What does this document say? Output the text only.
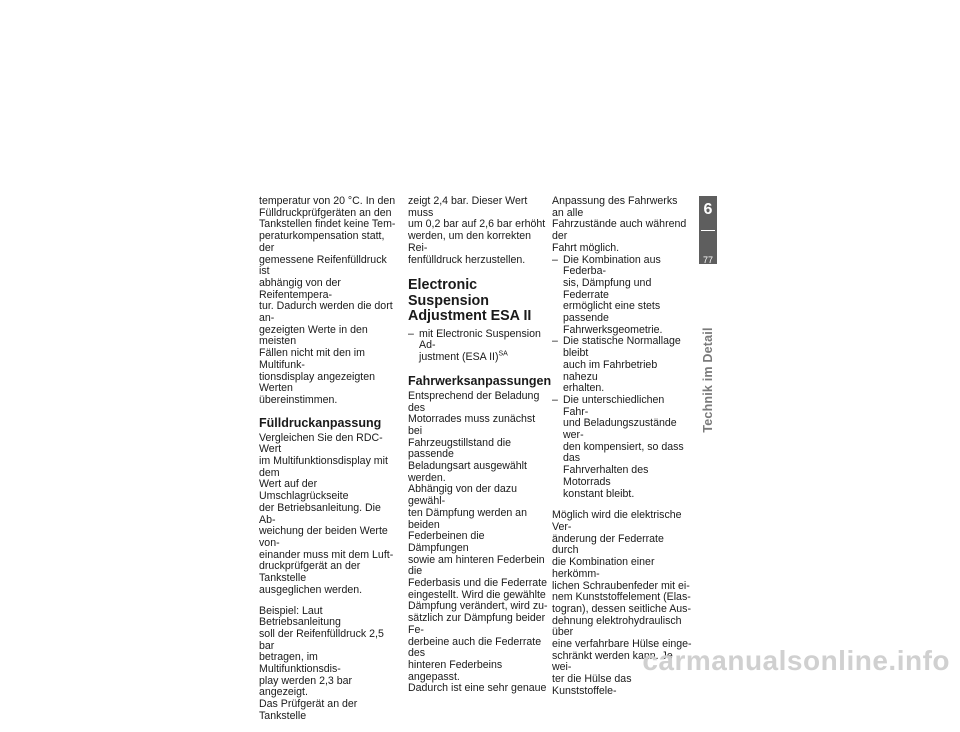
temperatur von 20 °C. In den
Fülldruckprüfgeräten an den
Tankstellen findet keine Tem-
peraturkompensation statt, der
gemessene Reifenfülldruck ist
abhängig von der Reifentempera-
tur. Dadurch werden die dort an-
gezeigten Werte in den meisten
Fällen nicht mit den im Multifunk-
tionsdisplay angezeigten Werten
übereinstimmen.

Fülldruckanpassung

Vergleichen Sie den RDC-Wert
im Multifunktionsdisplay mit dem
Wert auf der Umschlagrückseite
der Betriebsanleitung. Die Ab-
weichung der beiden Werte von-
einander muss mit dem Luft-
druckprüfgerät an der Tankstelle
ausgeglichen werden.

Beispiel: Laut Betriebsanleitung
soll der Reifenfülldruck 2,5 bar
betragen, im Multifunktionsdis-
play werden 2,3 bar angezeigt.
Das Prüfgerät an der Tankstelle

zeigt 2,4 bar. Dieser Wert muss
um 0,2 bar auf 2,6 bar erhöht
werden, um den korrekten Rei-
fenfülldruck herzustellen.

Electronic Suspension
Adjustment ESA II
– mit Electronic Suspension Ad-
justment (ESA II)$^{SA}$
Fahrwerksanpassungen

Entsprechend der Beladung des
Motorrades muss zunächst bei
Fahrzeugstillstand die passende
Beladungsart ausgewählt werden.
Abhängig von der dazu gewähl-
ten Dämpfung werden an beiden
Federbeinen die Dämpfungen
sowie am hinteren Federbein die
Federbasis und die Federrate
eingestellt. Wird die gewählte
Dämpfung verändert, wird zu-
sätzlich zur Dämpfung beider Fe-
derbeine auch die Federrate des
hinteren Federbeins angepasst.
Dadurch ist eine sehr genaue

Anpassung des Fahrwerks an alle
Fahrzustände auch während der
Fahrt möglich.

– Die Kombination aus Federba-
sis, Dämpfung und Federrate
ermöglicht eine stets passende
Fahrwerksgeometrie.
– Die statische Normallage bleibt
auch im Fahrbetrieb nahezu
erhalten.
– Die unterschiedlichen Fahr-
und Beladungszustände wer-
den kompensiert, so dass das
Fahrverhalten des Motorrads
konstant bleibt.

Möglich wird die elektrische Ver-
änderung der Federrate durch
die Kombination einer herkömm-
lichen Schraubenfeder mit ei-
nem Kunststoffelement (Elas-
togran), dessen seitliche Aus-
dehnung elektrohydraulisch über
eine verfahrbare Hülse einge-
schränkt werden kann. Je wei-
ter die Hülse das Kunststoffele-

6
77
Technik im Detail
carmanualsonline.info
